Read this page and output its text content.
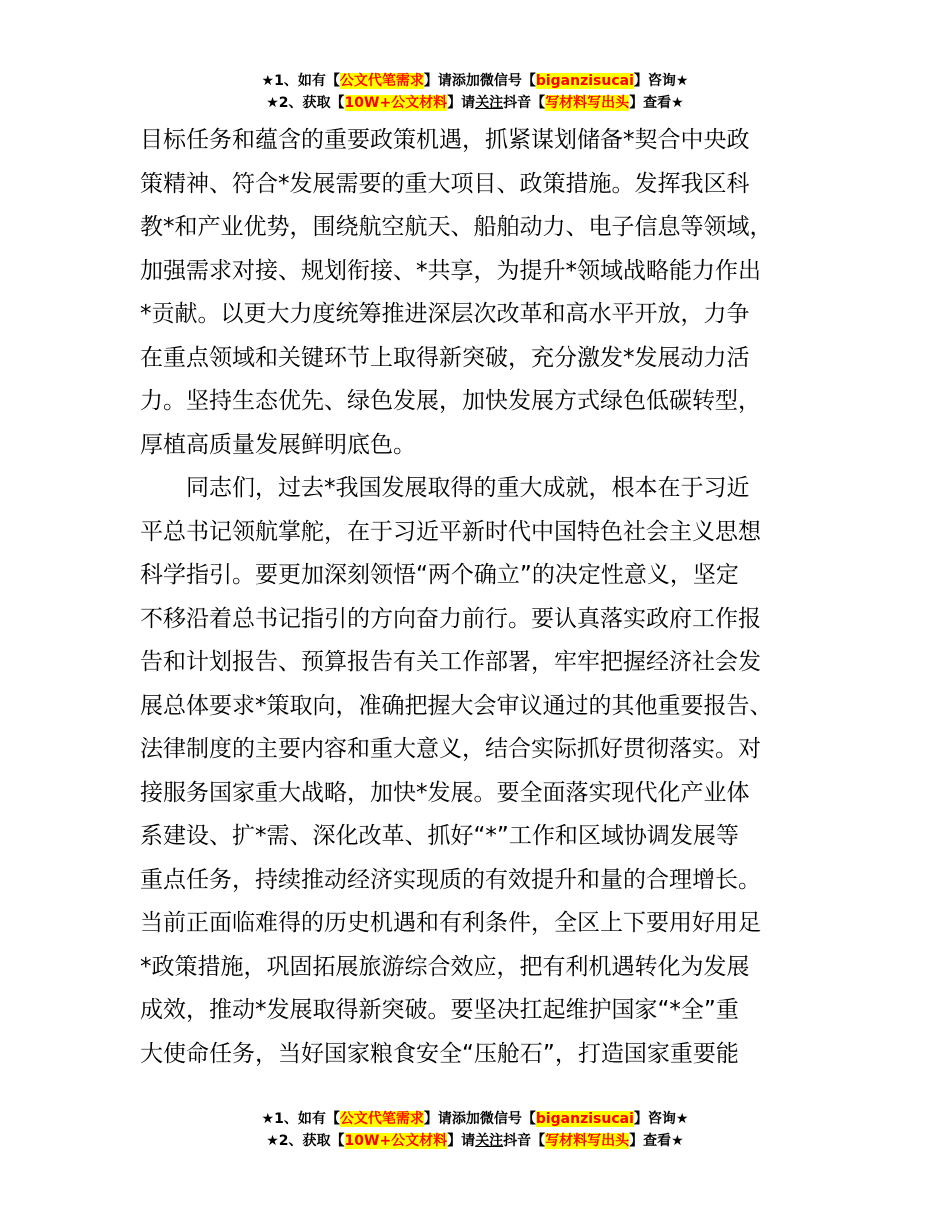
★1、如有【公文代笔需求】请添加微信号【biganzisucai】咨询★
★2、获取【10W+公文材料】请关注抖音【写材料写出头】查看★
目标任务和蕴含的重要政策机遇，抓紧谋划储备*契合中央政
策精神、符合*发展需要的重大项目、政策措施。发挥我区科
教*和产业优势，围绕航空航天、船舶动力、电子信息等领域，
加强需求对接、规划衔接、*共享，为提升*领域战略能力作出
*贡献。以更大力度统筹推进深层次改革和高水平开放，力争
在重点领域和关键环节上取得新突破，充分激发*发展动力活
力。坚持生态优先、绿色发展，加快发展方式绿色低碳转型，
厚植高质量发展鲜明底色。
　　同志们，过去*我国发展取得的重大成就，根本在于习近
平总书记领航掌舵，在于习近平新时代中国特色社会主义思想
科学指引。要更加深刻领悟“两个确立”的决定性意义，坚定
不移沿着总书记指引的方向奋力前行。要认真落实政府工作报
告和计划报告、预算报告有关工作部署，牢牢把握经济社会发
展总体要求*策取向，准确把握大会审议通过的其他重要报告、
法律制度的主要内容和重大意义，结合实际抓好贯彻落实。对
接服务国家重大战略，加快*发展。要全面落实现代化产业体
系建设、扩*需、深化改革、抓好“*”工作和区域协调发展等
重点任务，持续推动经济实现质的有效提升和量的合理增长。
当前正面临难得的历史机遇和有利条件，全区上下要用好用足
*政策措施，巩固拓展旅游综合效应，把有利机遇转化为发展
成效，推动*发展取得新突破。要坚决扛起维护国家“*全”重
大使命任务，当好国家粮食安全“压舱石”，打造国家重要能
★1、如有【公文代笔需求】请添加微信号【biganzisucai】咨询★
★2、获取【10W+公文材料】请关注抖音【写材料写出头】查看★
